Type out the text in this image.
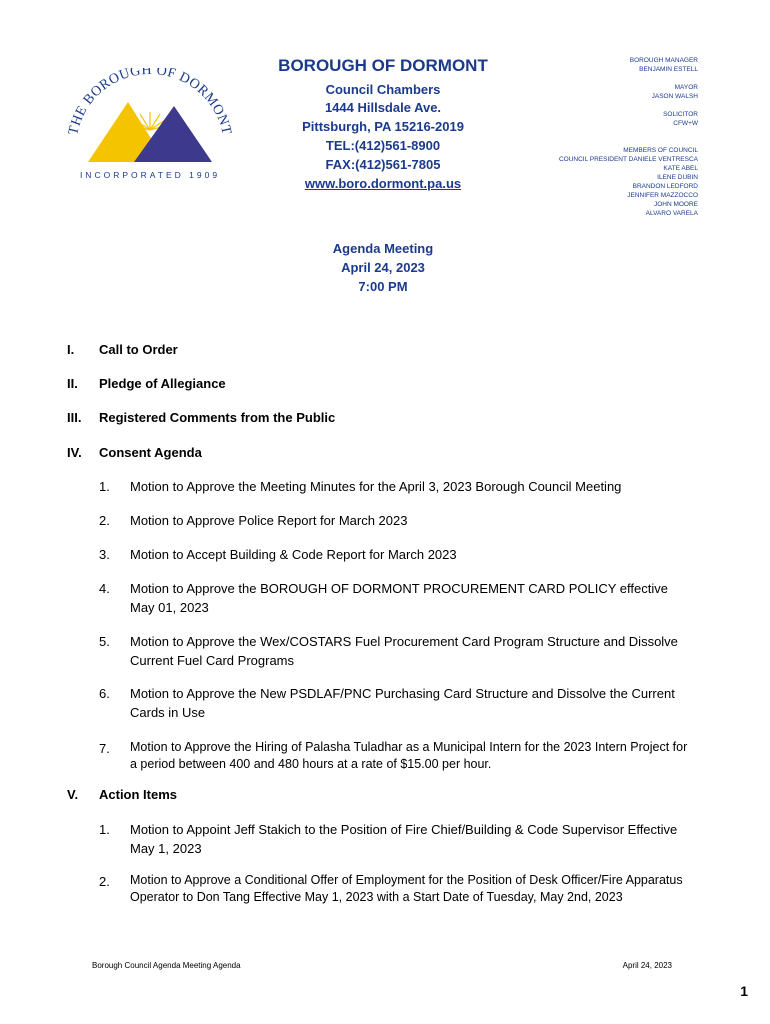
THE BOROUGH OF DORMONT
INCORPORATED 1909
BOROUGH OF DORMONT
Council Chambers
1444 Hillsdale Ave.
Pittsburgh, PA 15216-2019
TEL:(412)561-8900
FAX:(412)561-7805
www.boro.dormont.pa.us
BOROUGH MANAGER
BENJAMIN ESTELL
MAYOR
JASON WALSH
SOLICITOR
CFW+W
MEMBERS OF COUNCIL
COUNCIL PRESIDENT DANIELE VENTRESCA
KATE ABEL
ILENE DUBIN
BRANDON LEDFORD
JENNIFER MAZZOCCO
JOHN MOORE
ALVARO VARELA
Agenda Meeting
April 24, 2023
7:00 PM
I. Call to Order
II. Pledge of Allegiance
III. Registered Comments from the Public
IV. Consent Agenda
1. Motion to Approve the Meeting Minutes for the April 3, 2023 Borough Council Meeting
2. Motion to Approve Police Report for March 2023
3. Motion to Accept Building & Code Report for March 2023
4. Motion to Approve the BOROUGH OF DORMONT PROCUREMENT CARD POLICY effective May 01, 2023
5. Motion to Approve the Wex/COSTARS Fuel Procurement Card Program Structure and Dissolve Current Fuel Card Programs
6. Motion to Approve the New PSDLAF/PNC Purchasing Card Structure and Dissolve the Current Cards in Use
7. Motion to Approve the Hiring of Palasha Tuladhar as a Municipal Intern for the 2023 Intern Project for a period between 400 and 480 hours at a rate of $15.00 per hour.
V. Action Items
1. Motion to Appoint Jeff Stakich to the Position of Fire Chief/Building & Code Supervisor Effective May 1, 2023
2. Motion to Approve a Conditional Offer of Employment for the Position of Desk Officer/Fire Apparatus Operator to Don Tang Effective May 1, 2023 with a Start Date of Tuesday, May 2nd, 2023
Borough Council Agenda Meeting Agenda	April 24, 2023
1
